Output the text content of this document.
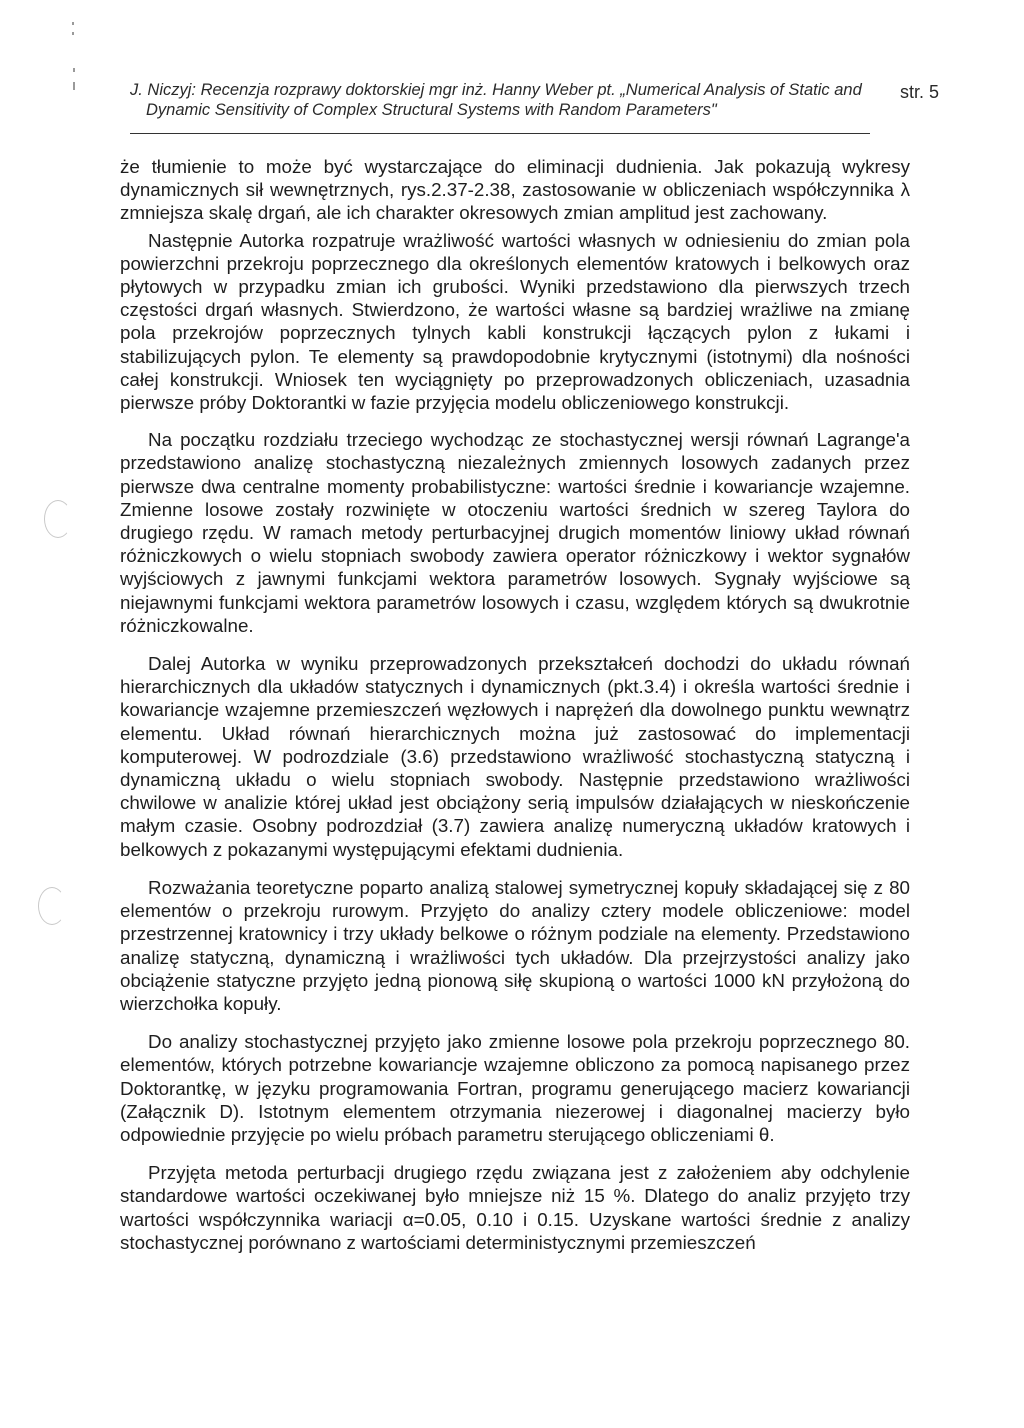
J. Niczyj: Recenzja rozprawy doktorskiej mgr inż. Hanny Weber pt. „Numerical Analysis of Static and
Dynamic Sensitivity of Complex Structural Systems with Random Parameters"
str. 5

że tłumienie to może być wystarczające do eliminacji dudnienia. Jak pokazują wykresy dynamicznych sił wewnętrznych, rys.2.37-2.38, zastosowanie w obliczeniach współczynnika λ zmniejsza skalę drgań, ale ich charakter okresowych zmian amplitud jest zachowany.

Następnie Autorka rozpatruje wrażliwość wartości własnych w odniesieniu do zmian pola powierzchni przekroju poprzecznego dla określonych elementów kratowych i belkowych oraz płytowych w przypadku zmian ich grubości. Wyniki przedstawiono dla pierwszych trzech częstości drgań własnych. Stwierdzono, że wartości własne są bardziej wrażliwe na zmianę pola przekrojów poprzecznych tylnych kabli konstrukcji łączących pylon z łukami i stabilizujących pylon. Te elementy są prawdopodobnie krytycznymi (istotnymi) dla nośności całej konstrukcji. Wniosek ten wyciągnięty po przeprowadzonych obliczeniach, uzasadnia pierwsze próby Doktorantki w fazie przyjęcia modelu obliczeniowego konstrukcji.

Na początku rozdziału trzeciego wychodząc ze stochastycznej wersji równań Lagrange'a przedstawiono analizę stochastyczną niezależnych zmiennych losowych zadanych przez pierwsze dwa centralne momenty probabilistyczne: wartości średnie i kowariancje wzajemne. Zmienne losowe zostały rozwinięte w otoczeniu wartości średnich w szereg Taylora do drugiego rzędu. W ramach metody perturbacyjnej drugich momentów liniowy układ równań różniczkowych o wielu stopniach swobody zawiera operator różniczkowy i wektor sygnałów wyjściowych z jawnymi funkcjami wektora parametrów losowych. Sygnały wyjściowe są niejawnymi funkcjami wektora parametrów losowych i czasu, względem których są dwukrotnie różniczkowalne.

Dalej Autorka w wyniku przeprowadzonych przekształceń dochodzi do układu równań hierarchicznych dla układów statycznych i dynamicznych (pkt.3.4) i określa wartości średnie i kowariancje wzajemne przemieszczeń węzłowych i naprężeń dla dowolnego punktu wewnątrz elementu. Układ równań hierarchicznych można już zastosować do implementacji komputerowej. W podrozdziale (3.6) przedstawiono wrażliwość stochastyczną statyczną i dynamiczną układu o wielu stopniach swobody. Następnie przedstawiono wrażliwości chwilowe w analizie której układ jest obciążony serią impulsów działających w nieskończenie małym czasie. Osobny podrozdział (3.7) zawiera analizę numeryczną układów kratowych i belkowych z pokazanymi występującymi efektami dudnienia.

Rozważania teoretyczne poparto analizą stalowej symetrycznej kopuły składającej się z 80 elementów o przekroju rurowym. Przyjęto do analizy cztery modele obliczeniowe: model przestrzennej kratownicy i trzy układy belkowe o różnym podziale na elementy. Przedstawiono analizę statyczną, dynamiczną i wrażliwości tych układów. Dla przejrzystości analizy jako obciążenie statyczne przyjęto jedną pionową siłę skupioną o wartości 1000 kN przyłożoną do wierzchołka kopuły.

Do analizy stochastycznej przyjęto jako zmienne losowe pola przekroju poprzecznego 80. elementów, których potrzebne kowariancje wzajemne obliczono za pomocą napisanego przez Doktorantkę, w języku programowania Fortran, programu generującego macierz kowariancji (Załącznik D). Istotnym elementem otrzymania niezerowej i diagonalnej macierzy było odpowiednie przyjęcie po wielu próbach parametru sterującego obliczeniami θ.

Przyjęta metoda perturbacji drugiego rzędu związana jest z założeniem aby odchylenie standardowe wartości oczekiwanej było mniejsze niż 15 %. Dlatego do analiz przyjęto trzy wartości współczynnika wariacji α=0.05, 0.10 i 0.15. Uzyskane wartości średnie z analizy stochastycznej porównano z wartościami deterministycznymi przemieszczeń
